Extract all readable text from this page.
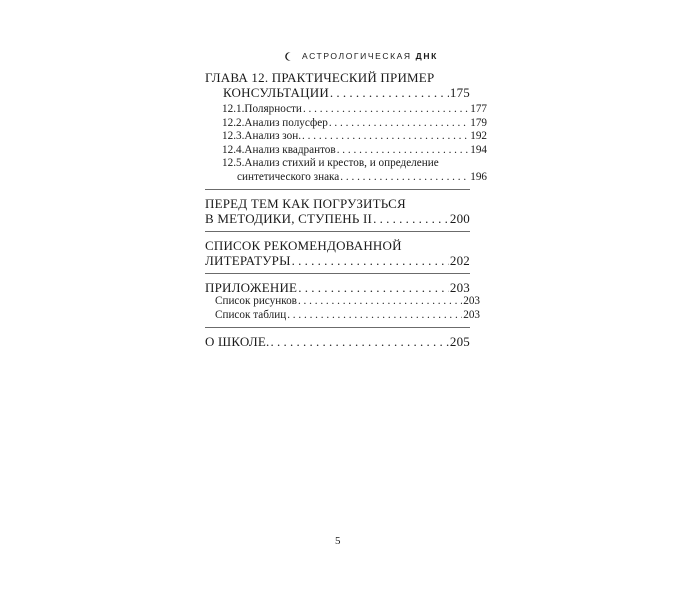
АСТРОЛОГИЧЕСКАЯ ДНК
ГЛАВА 12. ПРАКТИЧЕСКИЙ ПРИМЕР
КОНСУЛЬТАЦИИ . . .	175
12.1.Полярности . . .	177
12.2.Анализ полусфер . . .	179
12.3.Анализ зон. . . .	192
12.4.Анализ квадрантов . . .	194
12.5.Анализ стихий и крестов, и определение
синтетического знака . . .	196
ПЕРЕД ТЕМ КАК ПОГРУЗИТЬСЯ
В МЕТОДИКИ, СТУПЕНЬ II . . .	200
СПИСОК РЕКОМЕНДОВАННОЙ
ЛИТЕРАТУРЫ . . .	202
ПРИЛОЖЕНИЕ . . .	203
Список рисунков . . .	203
Список таблиц . . .	203
О ШКОЛЕ. . . .	205
5
